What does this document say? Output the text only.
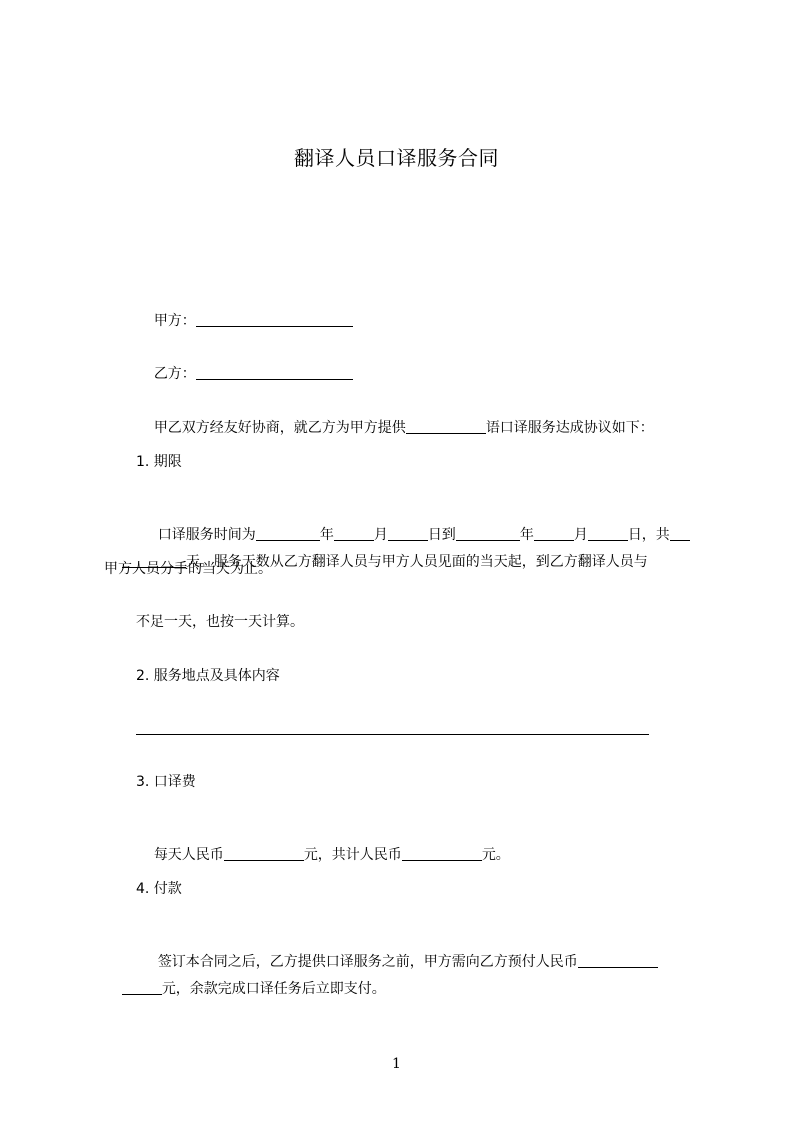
翻译人员口译服务合同

甲方：

乙方：

甲乙双方经友好协商，就乙方为甲方提供	语口译服务达成协议如下：

1. 期限

口译服务时间为	年	月	日到	年	月	日，共

天。服务天数从乙方翻译人员与甲方人员见面的当天起，到乙方翻译人员与

甲方人员分手的当天为止。
不足一天，也按一天计算。
2. 服务地点及具体内容
3. 口译费

每天人民币	元，共计人民币	元。

4. 付款

签订本合同之后，乙方提供口译服务之前，甲方需向乙方预付人民币

元，余款完成口译任务后立即支付。

1
